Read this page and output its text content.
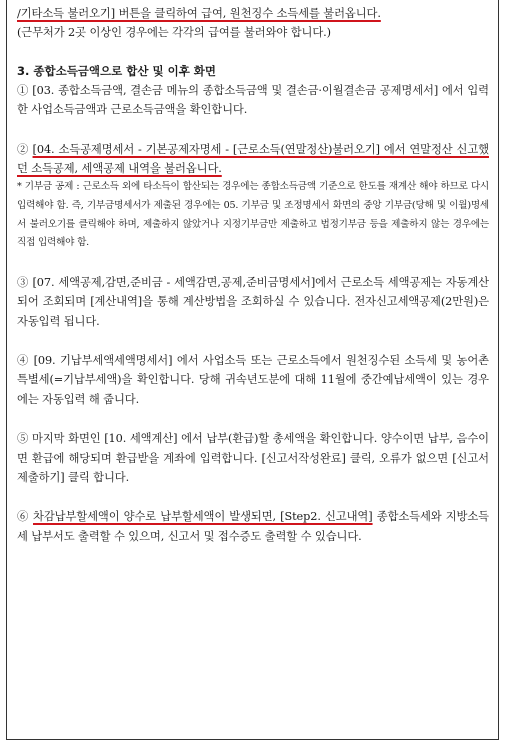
/기타소득 불러오기] 버튼을 클릭하여 급여, 원천징수 소득세를 불러옵니다.

(근무처가 2곳 이상인 경우에는 각각의 급여를 불러와야 합니다.)

3. 종합소득금액으로 합산 및 이후 화면

① [03. 종합소득금액, 결손금 메뉴의 종합소득금액 및 결손금·이월결손금 공제명세서] 에서 입력한 사업소득금액과 근로소득금액을 확인합니다.

② [04. 소득공제명세서 - 기본공제자명세 - [근로소득(연말정산)불러오기] 에서 연말정산 신고했던 소득공제, 세액공제 내역을 불러옵니다.

* 기부금 공제 : 근로소득 외에 타소득이 합산되는 경우에는 종합소득금액 기준으로 한도를 재계산 해야 하므로 다시 입력해야 함. 즉, 기부금명세서가 제출된 경우에는 05. 기부금 및 조정명세서 화면의 중앙 기부금(당해 및 이월)명세서 불러오기를 클릭해야 하며, 제출하지 않았거나 지정기부금만 제출하고 법정기부금 등을 제출하지 않는 경우에는 직접 입력해야 함.

③ [07. 세액공제,감면,준비금 - 세액감면,공제,준비금명세서]에서 근로소득 세액공제는 자동계산되어 조회되며 [계산내역]을 통해 계산방법을 조회하실 수 있습니다. 전자신고세액공제(2만원)은 자동입력 됩니다.

④ [09. 기납부세액세액명세서] 에서 사업소득 또는 근로소득에서 원천징수된 소득세 및 농어촌특별세(=기납부세액)을 확인합니다. 당해 귀속년도분에 대해 11월에 중간예납세액이 있는 경우에는 자동입력 해 줍니다.

⑤ 마지막 화면인 [10. 세액계산] 에서 납부(환급)할 총세액을 확인합니다. 양수이면 납부, 음수이면 환급에 해당되며 환급받을 계좌에 입력합니다. [신고서작성완료] 클릭, 오류가 없으면 [신고서제출하기] 클릭 합니다.

⑥ 차감납부할세액이 양수로 납부할세액이 발생되면, [Step2. 신고내역] 종합소득세와 지방소득세 납부서도 출력할 수 있으며, 신고서 및 접수증도 출력할 수 있습니다.
